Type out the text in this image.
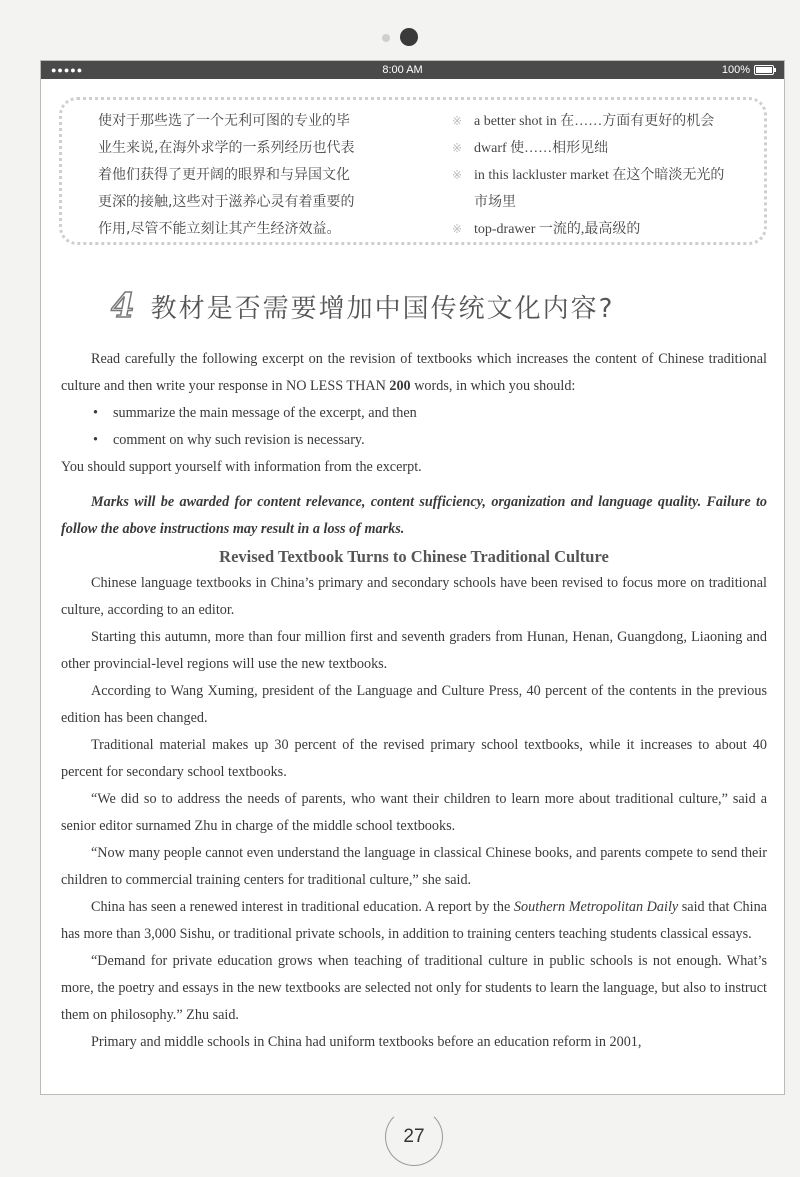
●●●●●	8:00 AM	100%
使对于那些选了一个无利可图的专业的毕
业生来说,在海外求学的一系列经历也代表
着他们获得了更开阔的眼界和与异国文化
更深的接触,这些对于滋养心灵有着重要的
作用,尽管不能立刻让其产生经济效益。
※ a better shot in 在……方面有更好的机会
※ dwarf 使……相形见绌
※ in this lackluster market 在这个暗淡无光的
市场里
※ top-drawer 一流的,最高级的
4 教材是否需要增加中国传统文化内容?

Read carefully the following excerpt on the revision of textbooks which increases the content of Chinese traditional culture and then write your response in NO LESS THAN 200 words, in which you should:

• summarize the main message of the excerpt, and then
• comment on why such revision is necessary.

You should support yourself with information from the excerpt.

Marks will be awarded for content relevance, content sufficiency, organization and language quality. Failure to follow the above instructions may result in a loss of marks.

Revised Textbook Turns to Chinese Traditional Culture

Chinese language textbooks in China’s primary and secondary schools have been revised to focus more on traditional culture, according to an editor.

Starting this autumn, more than four million first and seventh graders from Hunan, Henan, Guangdong, Liaoning and other provincial-level regions will use the new textbooks.

According to Wang Xuming, president of the Language and Culture Press, 40 percent of the contents in the previous edition has been changed.

Traditional material makes up 30 percent of the revised primary school textbooks, while it increases to about 40 percent for secondary school textbooks.

“We did so to address the needs of parents, who want their children to learn more about traditional culture,” said a senior editor surnamed Zhu in charge of the middle school textbooks.

“Now many people cannot even understand the language in classical Chinese books, and parents compete to send their children to commercial training centers for traditional culture,” she said.

China has seen a renewed interest in traditional education. A report by the Southern Metropolitan Daily said that China has more than 3,000 Sishu, or traditional private schools, in addition to training centers teaching students classical essays.

“Demand for private education grows when teaching of traditional culture in public schools is not enough. What’s more, the poetry and essays in the new textbooks are selected not only for students to learn the language, but also to instruct them on philosophy.” Zhu said.

Primary and middle schools in China had uniform textbooks before an education reform in 2001,

27
